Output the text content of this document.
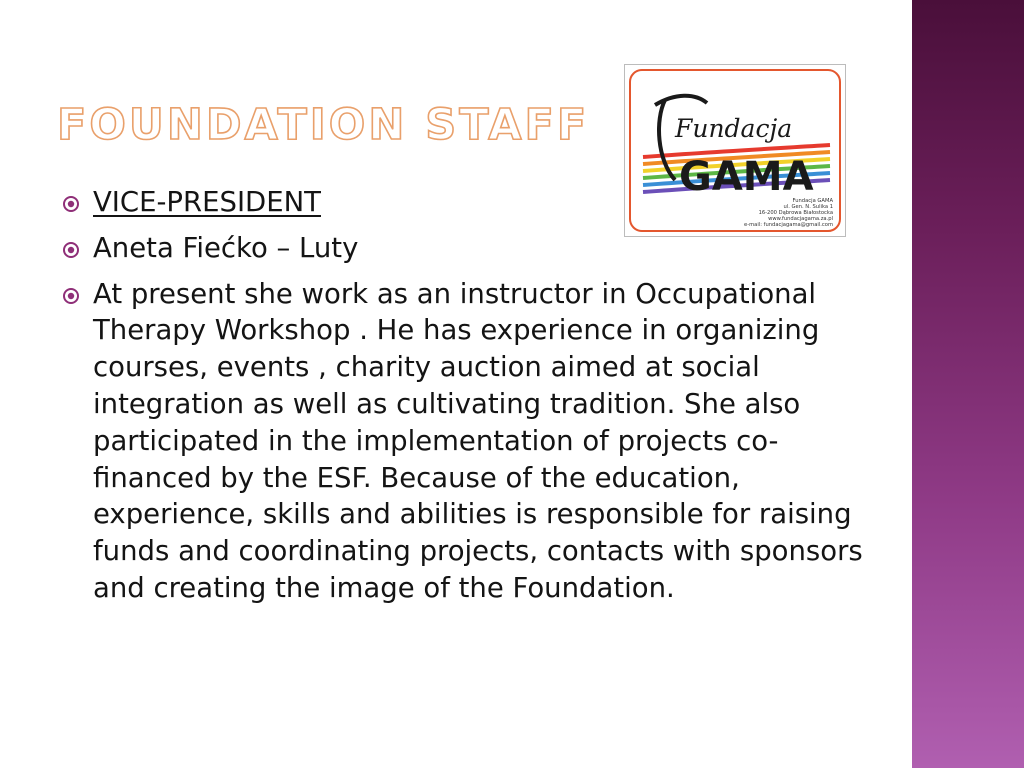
FOUNDATION STAFF	Fundacja
GAMA
Fundacja GAMA
ul. Gen. N. Sulika 1
16-200 Dąbrowa Białostocka
www.fundacjagama.za.pl
e-mail: fundacjagama@gmail.com
VICE-PRESIDENT
Aneta Fiećko – Luty
At present she work as an instructor in Occupational Therapy Workshop . He has experience in organizing courses, events , charity auction aimed at social integration as well as cultivating tradition. She also participated in the implementation of projects co-financed by the ESF. Because of the education, experience, skills and abilities is responsible for raising funds and coordinating projects, contacts with sponsors and creating the image of the Foundation.
